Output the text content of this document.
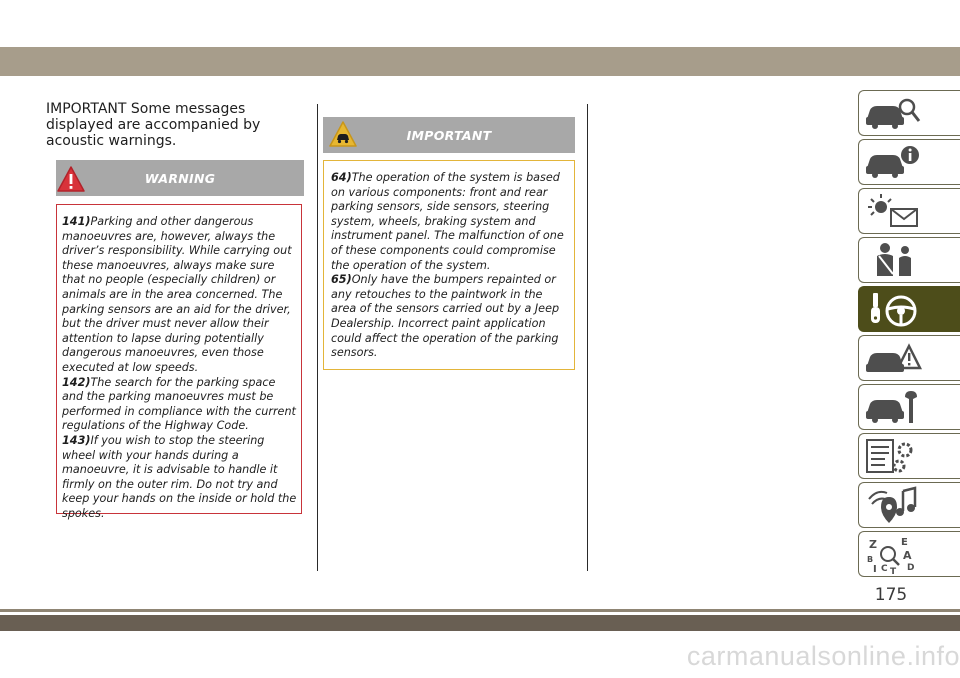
IMPORTANT Some messages displayed are accompanied by acoustic warnings.

WARNING

141)Parking and other dangerous manoeuvres are, however, always the driver’s responsibility. While carrying out these manoeuvres, always make sure that no people (especially children) or animals are in the area concerned. The parking sensors are an aid for the driver, but the driver must never allow their attention to lapse during potentially dangerous manoeuvres, even those executed at low speeds.

142)The search for the parking space and the parking manoeuvres must be performed in compliance with the current regulations of the Highway Code.

143)If you wish to stop the steering wheel with your hands during a manoeuvre, it is advisable to handle it firmly on the outer rim. Do not try and keep your hands on the inside or hold the spokes.

IMPORTANT

64)The operation of the system is based on various components: front and rear parking sensors, side sensors, steering system, wheels, braking system and instrument panel. The malfunction of one of these components could compromise the operation of the system.

65)Only have the bumpers repainted or any retouches to the paintwork in the area of the sensors carried out by a Jeep Dealership. Incorrect paint application could affect the operation of the parking sensors.

Z
B
I C T
E
A
D
175
carmanualsonline.info
